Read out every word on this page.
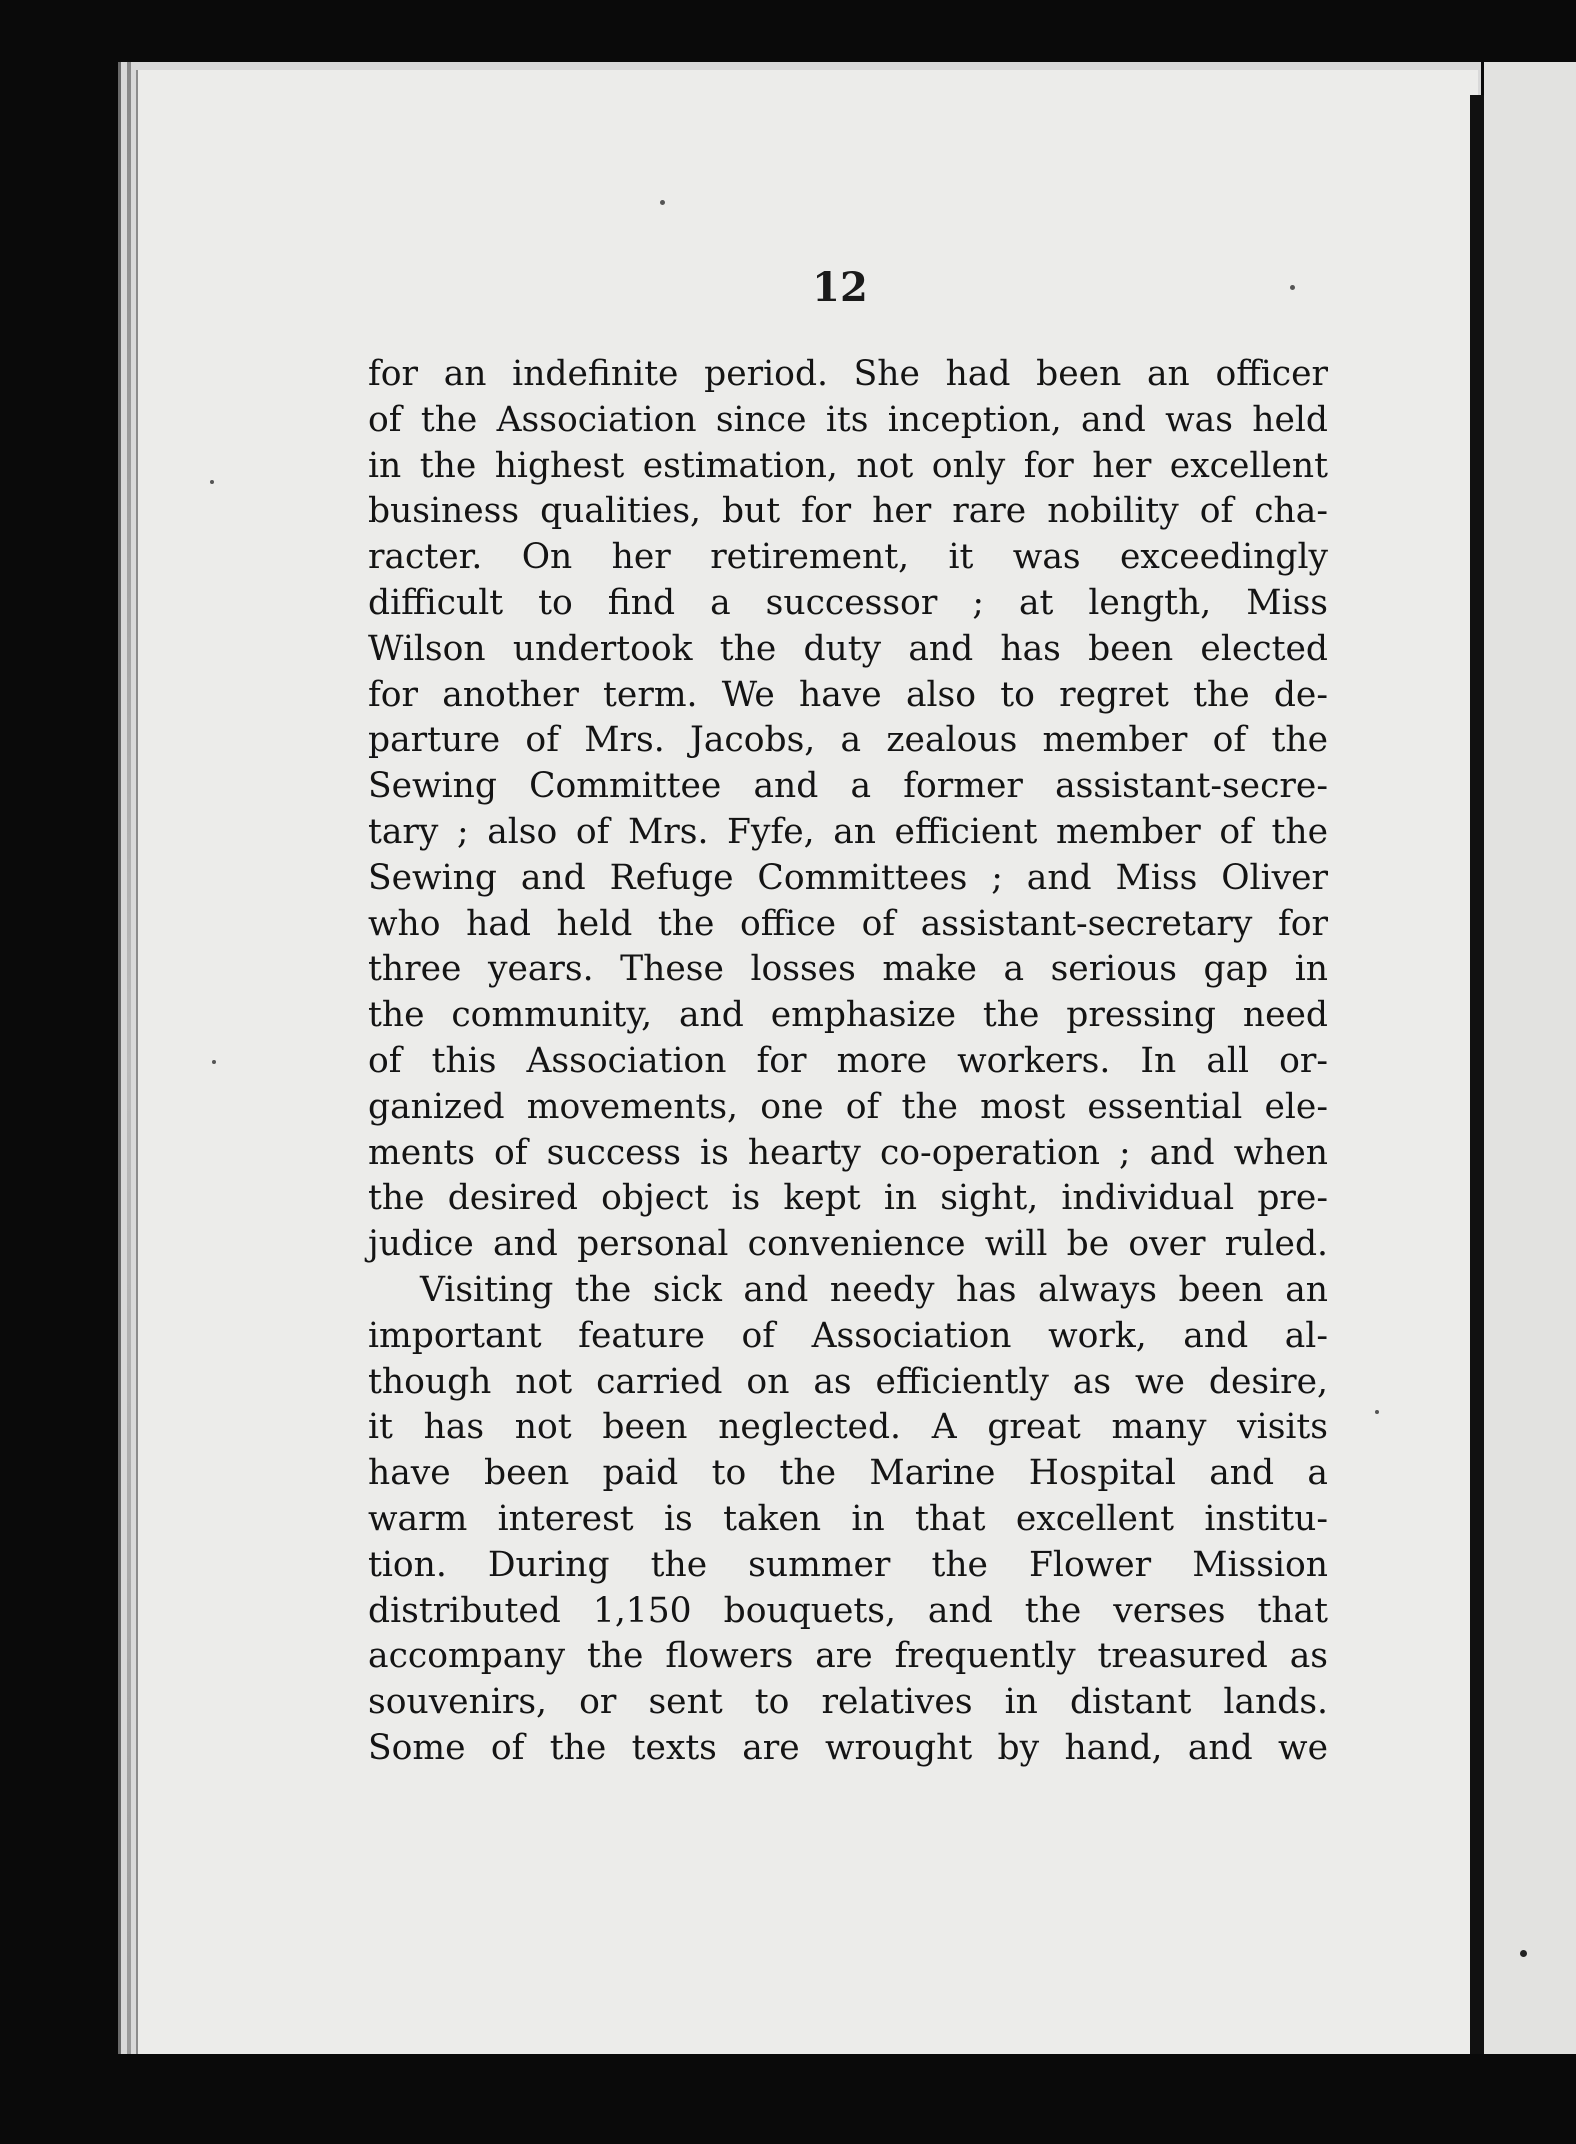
12
for an indefinite period. She had been an officer
of the Association since its inception, and was held
in the highest estimation, not only for her excellent
business qualities, but for her rare nobility of cha-
racter. On her retirement, it was exceedingly
difficult to find a successor ; at length, Miss
Wilson undertook the duty and has been elected
for another term. We have also to regret the de-
parture of Mrs. Jacobs, a zealous member of the
Sewing Committee and a former assistant-secre-
tary ; also of Mrs. Fyfe, an efficient member of the
Sewing and Refuge Committees ; and Miss Oliver
who had held the office of assistant-secretary for
three years. These losses make a serious gap in
the community, and emphasize the pressing need
of this Association for more workers. In all or-
ganized movements, one of the most essential ele-
ments of success is hearty co-operation ; and when
the desired object is kept in sight, individual pre-
judice and personal convenience will be over ruled.
Visiting the sick and needy has always been an
important feature of Association work, and al-
though not carried on as efficiently as we desire,
it has not been neglected. A great many visits
have been paid to the Marine Hospital and a
warm interest is taken in that excellent institu-
tion. During the summer the Flower Mission
distributed 1,150 bouquets, and the verses that
accompany the flowers are frequently treasured as
souvenirs, or sent to relatives in distant lands.
Some of the texts are wrought by hand, and we
